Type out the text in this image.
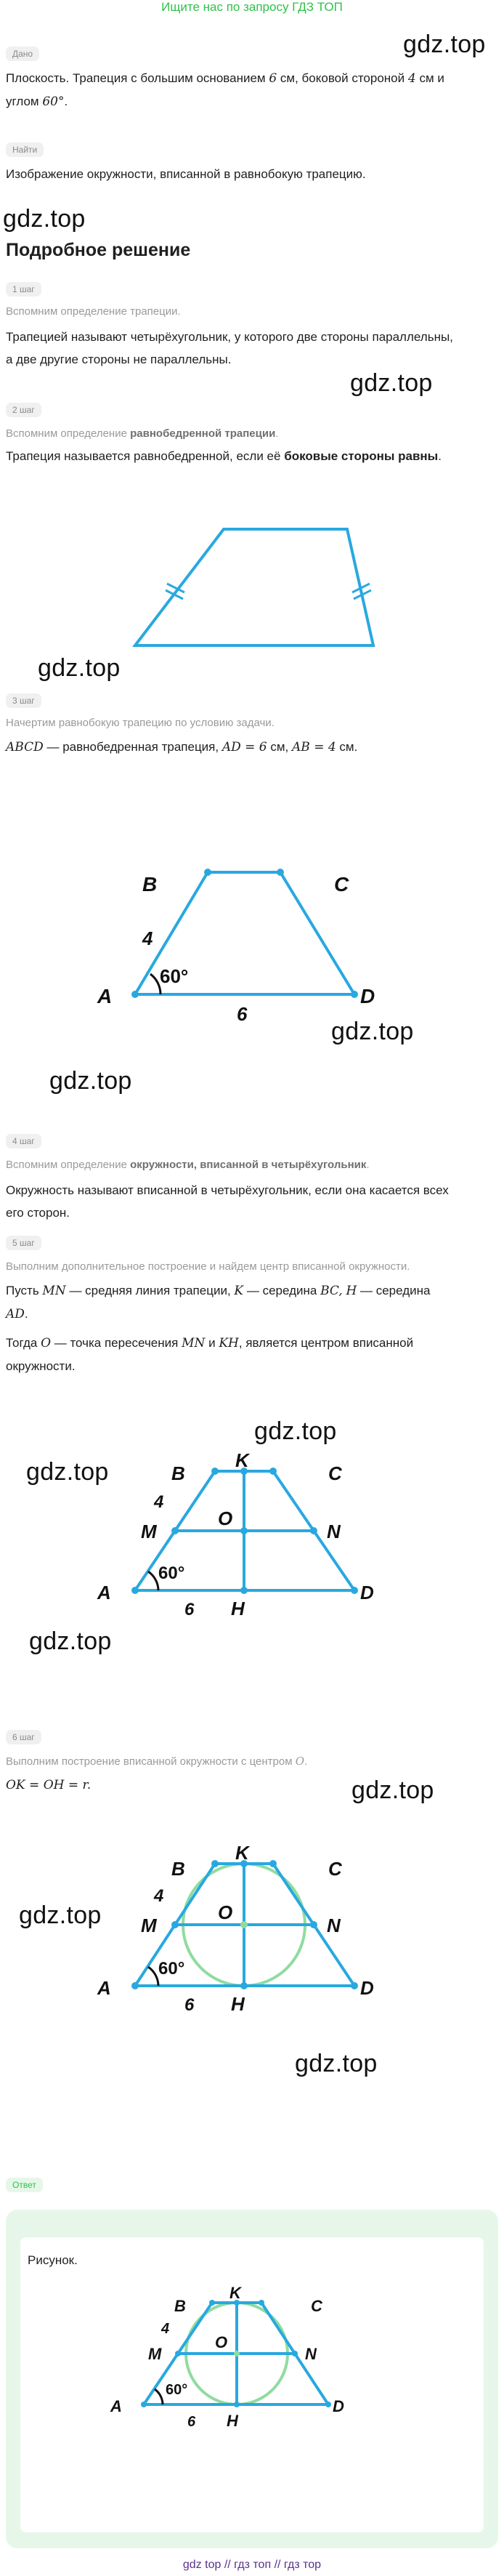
Ищите нас по запросу ГДЗ ТОП
gdz.top
gdz.top
gdz.top
gdz.top
gdz.top
gdz.top
gdz.top
gdz.top
gdz.top
gdz.top
gdz.top
gdz.top
Дано
Плоскость. Трапеция с большим основанием 6 см, боковой стороной 4 см и
углом 60°.
Найти
Изображение окружности, вписанной в равнобокую трапецию.
Подробное решение
1 шаг
Вспомним определение трапеции.
Трапецией называют четырёхугольник, у которого две стороны параллельны,
а две другие стороны не параллельны.
2 шаг
Вспомним определение равнобедренной трапеции.
Трапеция называется равнобедренной, если её боковые стороны равны.
3 шаг
Начертим равнобокую трапецию по условию задачи.
ABCD — равнобедренная трапеция, AD = 6 см, AB = 4 см.
B	C
A	D
4
6
60°
4 шаг
Вспомним определение окружности, вписанной в четырёхугольник.
Окружность называют вписанной в четырёхугольник, если она касается всех
его сторон.
5 шаг
Выполним дополнительное построение и найдем центр вписанной окружности.
Пусть MN — средняя линия трапеции, K — середина BC, H — середина
AD.
Тогда O — точка пересечения MN и KH, является центром вписанной
окружности.
K
B	C
M
O
N
A	D
H
4
6
60°
6 шаг
Выполним построение вписанной окружности с центром O.
OK = OH = r.
K
B	C
M
O
N
A	D
H
4
6
60°
Ответ
Рисунок.
K
B	C
M
O
N
A	D
H
4
6
60°
gdz top // гдз топ // гдз тор
